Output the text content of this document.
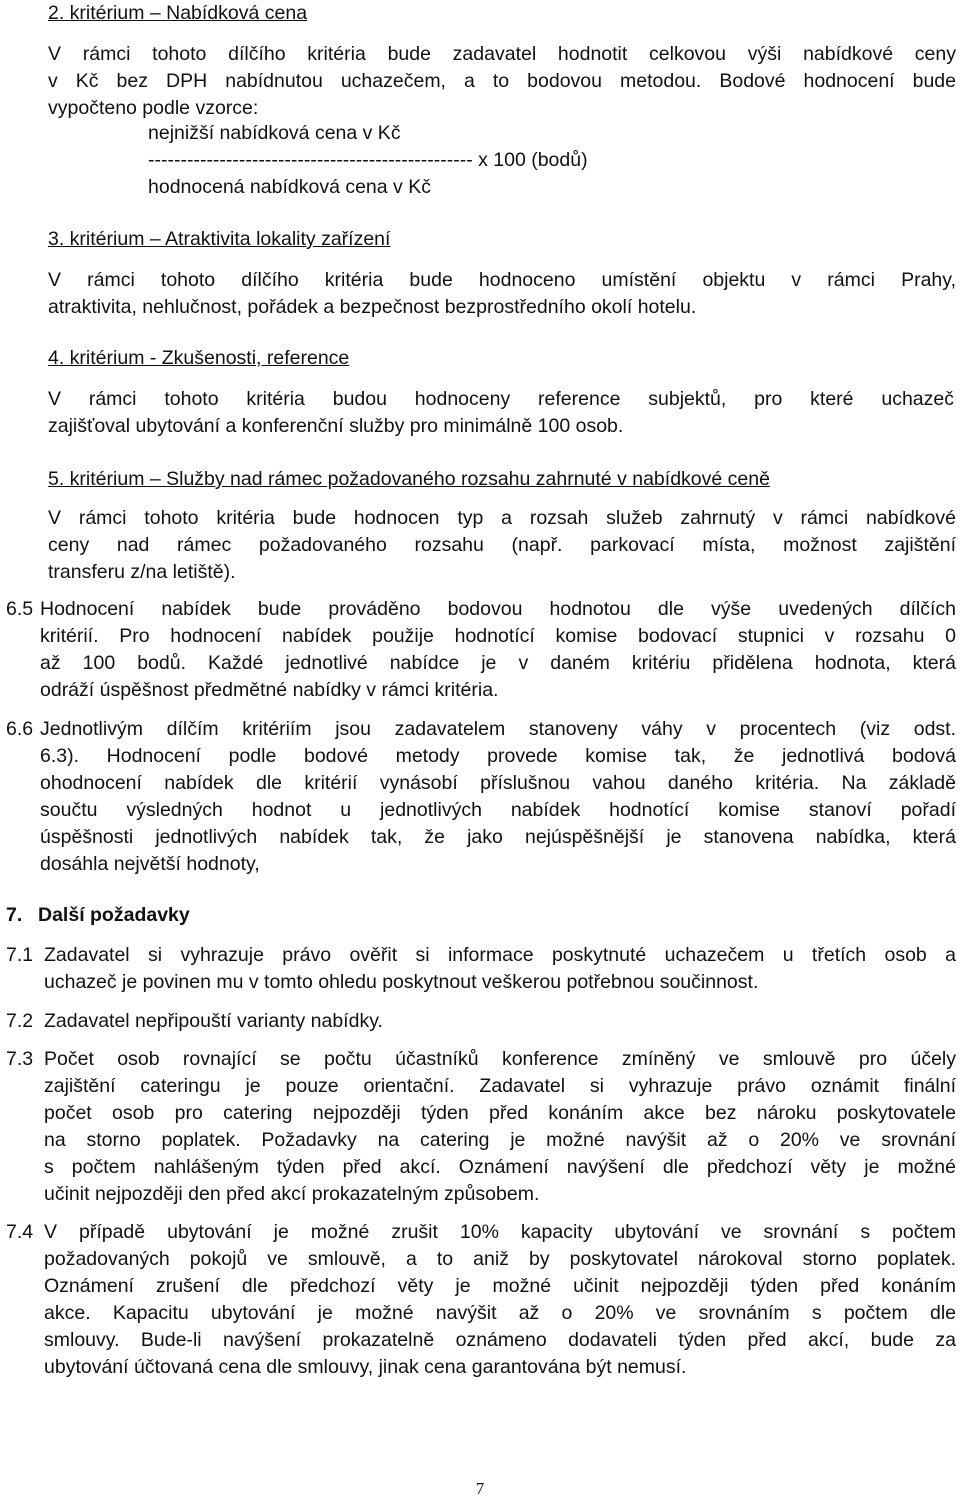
2. kritérium – Nabídková cena
V rámci tohoto dílčího kritéria bude zadavatel hodnotit celkovou výši nabídkové ceny
v Kč bez DPH nabídnutou uchazečem, a to bodovou metodou. Bodové hodnocení bude
vypočteno podle vzorce:
nejnižší nabídková cena v Kč
-------------------------------------------------- x 100 (bodů)
hodnocená nabídková cena v Kč
3. kritérium – Atraktivita lokality zařízení
V rámci tohoto dílčího kritéria bude hodnoceno umístění objektu v rámci Prahy,
atraktivita, nehlučnost, pořádek a bezpečnost bezprostředního okolí hotelu.
4. kritérium - Zkušenosti, reference
V rámci tohoto kritéria budou hodnoceny reference subjektů, pro které uchazeč
zajišťoval ubytování a konferenční služby pro minimálně 100 osob.
5. kritérium – Služby nad rámec požadovaného rozsahu zahrnuté v nabídkové ceně
V rámci tohoto kritéria bude hodnocen typ a rozsah služeb zahrnutý v rámci nabídkové
ceny nad rámec požadovaného rozsahu (např. parkovací místa, možnost zajištění
transferu z/na letiště).
6.5 Hodnocení nabídek bude prováděno bodovou hodnotou dle výše uvedených dílčích
kritérií. Pro hodnocení nabídek použije hodnotící komise bodovací stupnici v rozsahu 0
až 100 bodů. Každé jednotlivé nabídce je v daném kritériu přidělena hodnota, která
odráží úspěšnost předmětné nabídky v rámci kritéria.
6.6 Jednotlivým dílčím kritériím jsou zadavatelem stanoveny váhy v procentech (viz odst.
6.3). Hodnocení podle bodové metody provede komise tak, že jednotlivá bodová
ohodnocení nabídek dle kritérií vynásobí příslušnou vahou daného kritéria. Na základě
součtu výsledných hodnot u jednotlivých nabídek hodnotící komise stanoví pořadí
úspěšnosti jednotlivých nabídek tak, že jako nejúspěšnější je stanovena nabídka, která
dosáhla největší hodnoty,
7. Další požadavky
7.1 Zadavatel si vyhrazuje právo ověřit si informace poskytnuté uchazečem u třetích osob a
uchazeč je povinen mu v tomto ohledu poskytnout veškerou potřebnou součinnost.
7.2 Zadavatel nepřipouští varianty nabídky.
7.3 Počet osob rovnající se počtu účastníků konference zmíněný ve smlouvě pro účely
zajištění cateringu je pouze orientační. Zadavatel si vyhrazuje právo oznámit finální
počet osob pro catering nejpozději týden před konáním akce bez nároku poskytovatele
na storno poplatek. Požadavky na catering je možné navýšit až o 20% ve srovnání
s počtem nahlášeným týden před akcí. Oznámení navýšení dle předchozí věty je možné
učinit nejpozději den před akcí prokazatelným způsobem.
7.4 V případě ubytování je možné zrušit 10% kapacity ubytování ve srovnání s počtem
požadovaných pokojů ve smlouvě, a to aniž by poskytovatel nárokoval storno poplatek.
Oznámení zrušení dle předchozí věty je možné učinit nejpozději týden před konáním
akce. Kapacitu ubytování je možné navýšit až o 20% ve srovnáním s počtem dle
smlouvy. Bude-li navýšení prokazatelně oznámeno dodavateli týden před akcí, bude za
ubytování účtovaná cena dle smlouvy, jinak cena garantována být nemusí.
7
